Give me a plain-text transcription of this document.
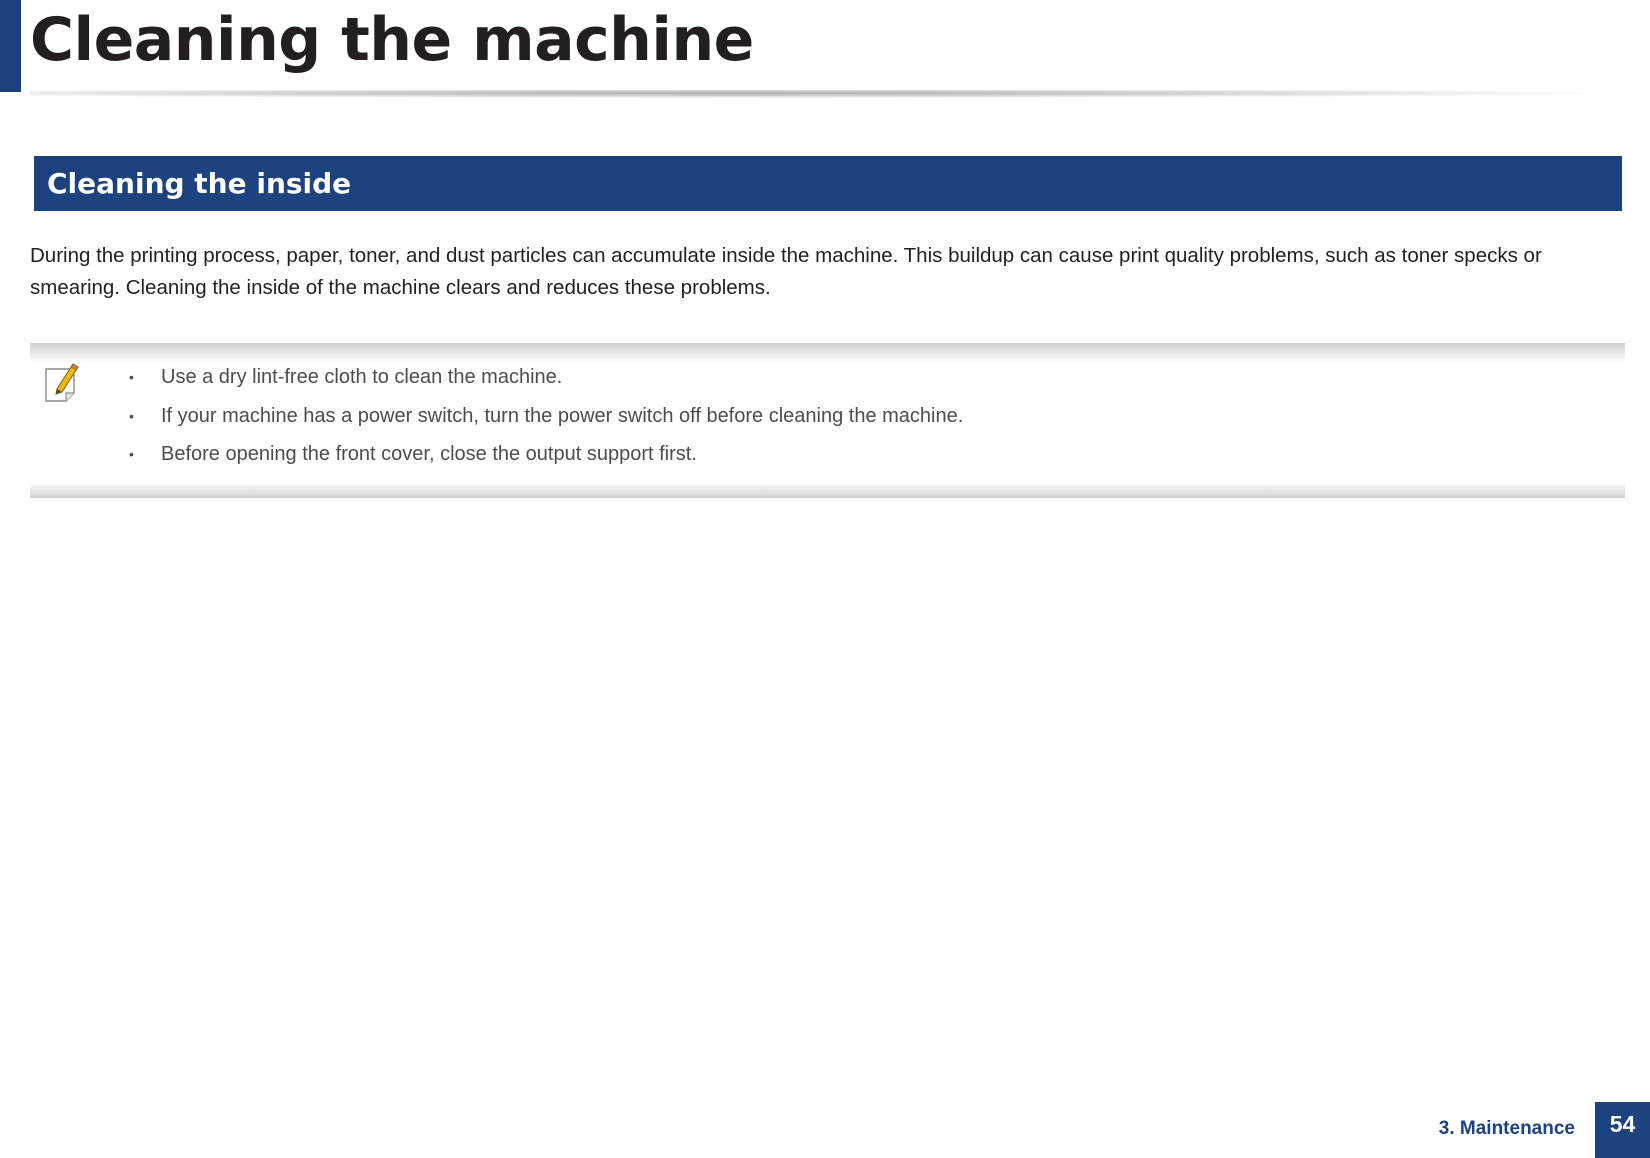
Cleaning the machine
Cleaning the inside

During the printing process, paper, toner, and dust particles can accumulate inside the machine. This buildup can cause print quality problems, such as toner specks or smearing. Cleaning the inside of the machine clears and reduces these problems.

• Use a dry lint-free cloth to clean the machine.
• If your machine has a power switch, turn the power switch off before cleaning the machine.
• Before opening the front cover, close the output support first.
3. Maintenance	54
